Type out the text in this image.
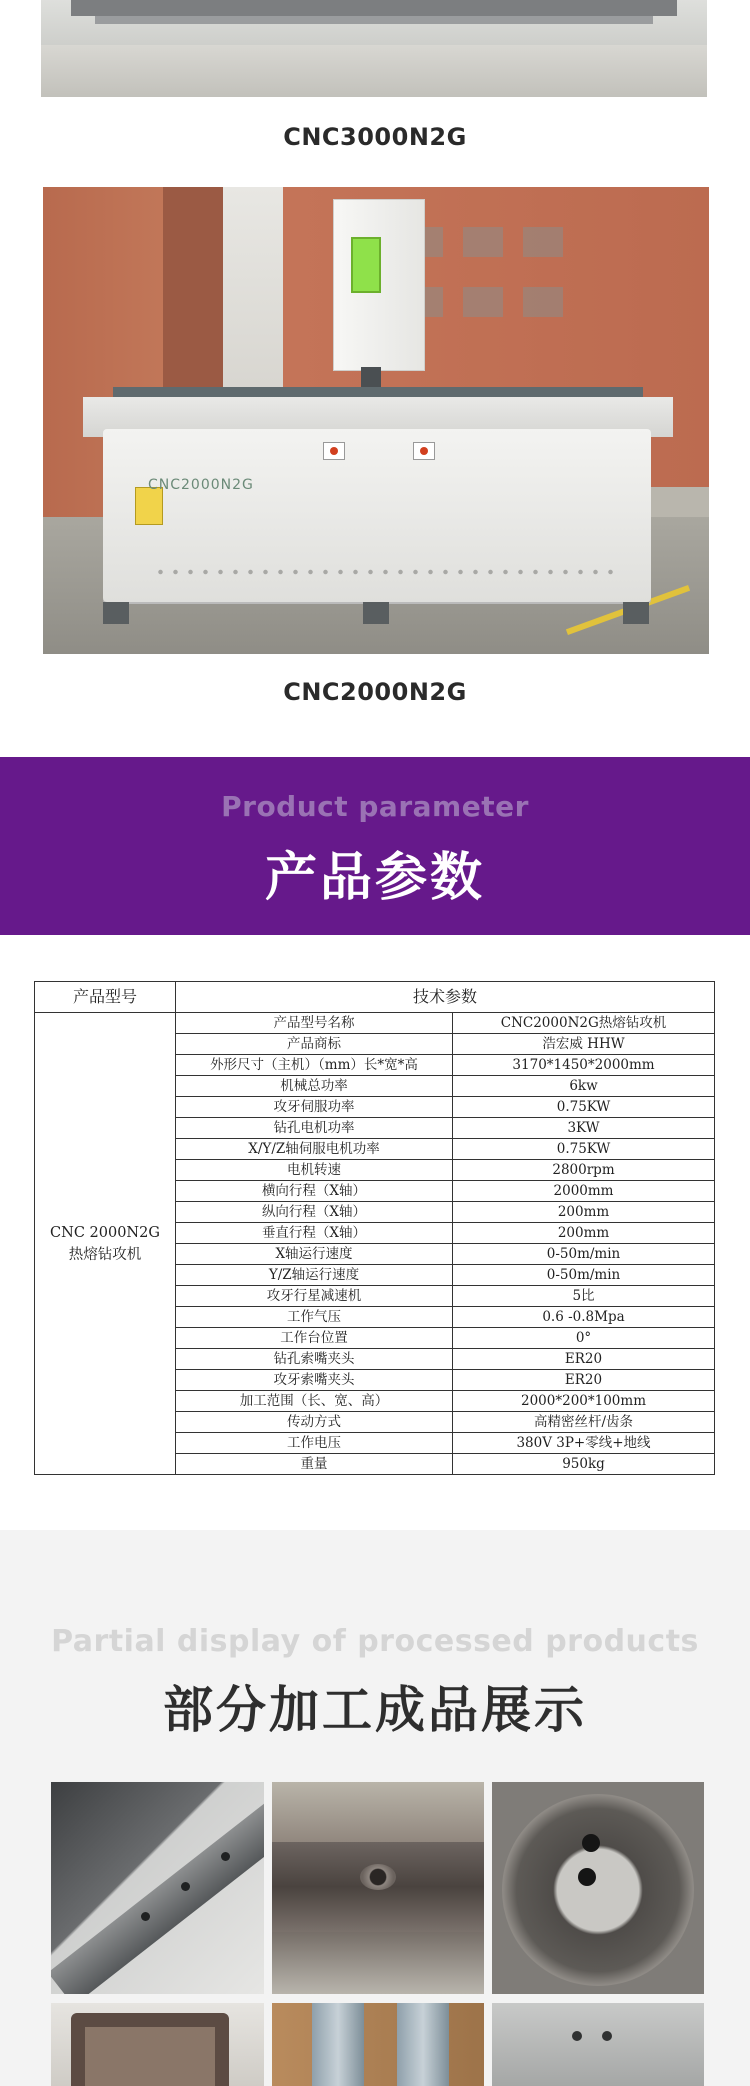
CNC3000N2G
CNC2000N2G
CNC2000N2G
Product parameter
产品参数
产品型号	技术参数	
CNC 2000N2G 热熔钻攻机	产品型号名称	CNC2000N2G热熔钻攻机
	产品商标	浩宏威 HHW
	外形尺寸（主机）（mm）长*宽*高	3170*1450*2000mm
	机械总功率	6kw
	攻牙伺服功率	0.75KW
	钻孔电机功率	3KW
	X/Y/Z轴伺服电机功率	0.75KW
	电机转速	2800rpm
	横向行程（X轴）	2000mm
	纵向行程（X轴）	200mm
	垂直行程（X轴）	200mm
	X轴运行速度	0-50m/min
	Y/Z轴运行速度	0-50m/min
	攻牙行星减速机	5比
	工作气压	0.6 -0.8Mpa
	工作台位置	0°
	钻孔索嘴夹头	ER20
	攻牙索嘴夹头	ER20
	加工范围（长、宽、高）	2000*200*100mm
	传动方式	高精密丝杆/齿条
	工作电压	380V 3P+零线+地线
	重量	950kg
Partial display of processed products
部分加工成品展示
